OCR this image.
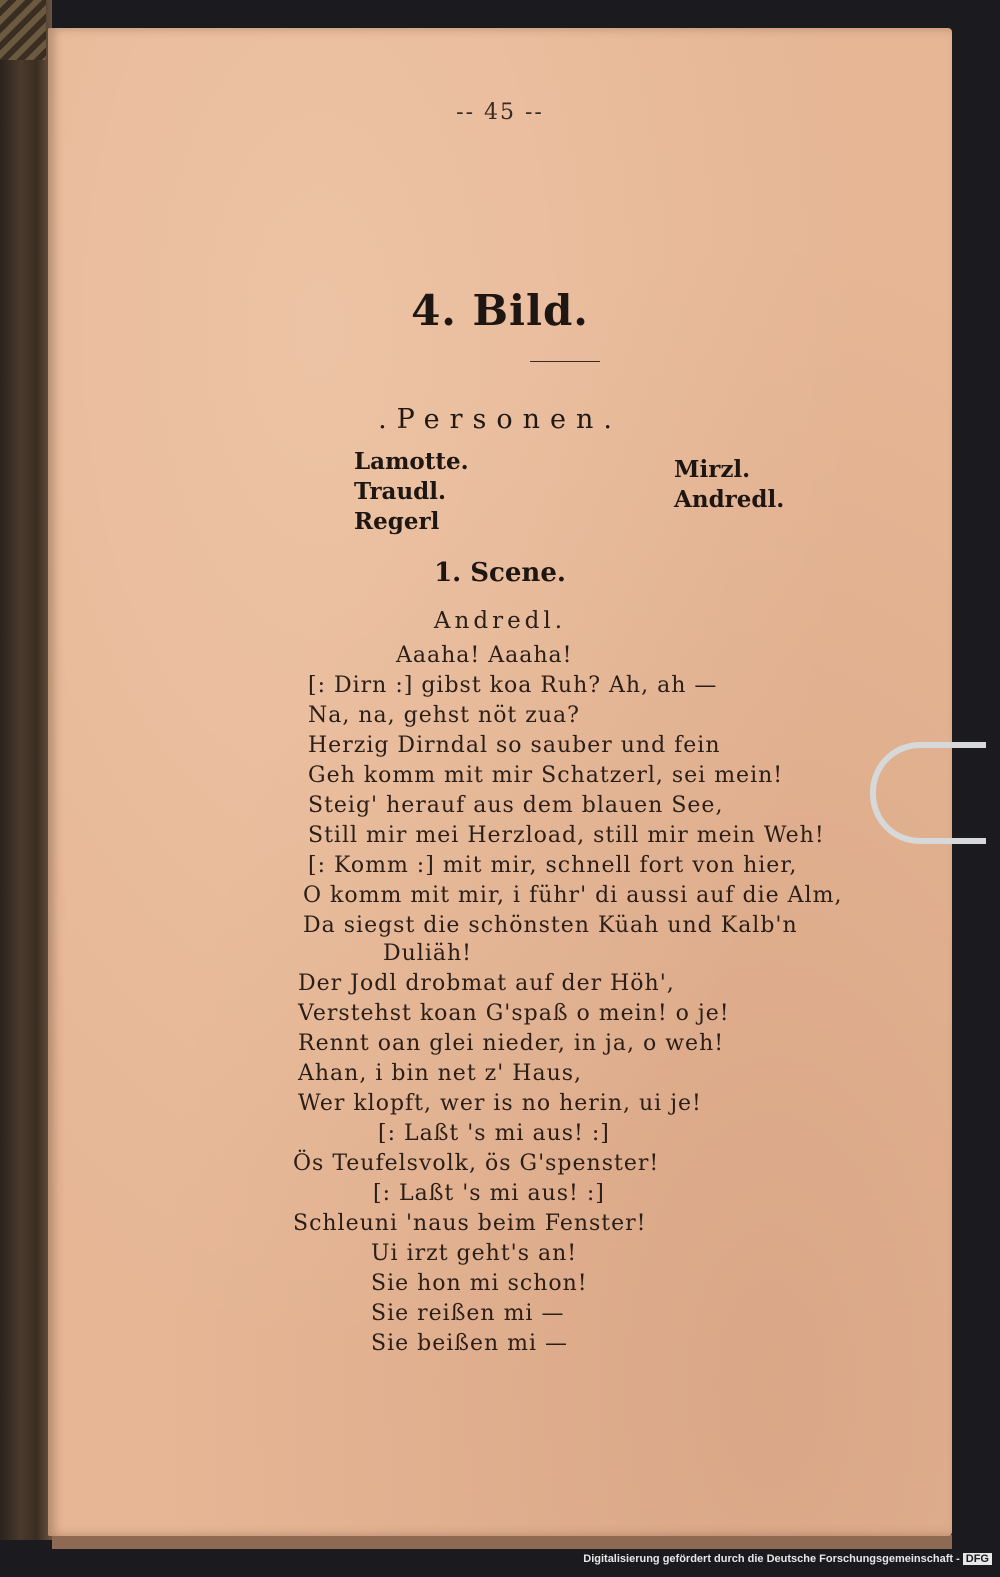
-- 45 --
4. Bild.
.Personen.
Lamotte.
Traudl.
Regerl
Mirzl.
Andredl.
1. Scene.
Andredl.
Aaaha! Aaaha!
[: Dirn :] gibst koa Ruh? Ah, ah —
Na, na, gehst nöt zua?
Herzig Dirndal so sauber und fein
Geh komm mit mir Schatzerl, sei mein!
Steig' herauf aus dem blauen See,
Still mir mei Herzload, still mir mein Weh!
[: Komm :] mit mir, schnell fort von hier,
O komm mit mir, i führ' di aussi auf die Alm,
Da siegst die schönsten Küah und Kalb'n
Duliäh!
Der Jodl drobmat auf der Höh',
Verstehst koan G'spaß o mein! o je!
Rennt oan glei nieder, in ja, o weh!
Ahan, i bin net z' Haus,
Wer klopft, wer is no herin, ui je!
[: Laßt 's mi aus! :]
Ös Teufelsvolk, ös G'spenster!
[: Laßt 's mi aus! :]
Schleuni 'naus beim Fenster!
Ui irzt geht's an!
Sie hon mi schon!
Sie reißen mi —
Sie beißen mi —
Digitalisierung gefördert durch die Deutsche Forschungsgemeinschaft - DFG
